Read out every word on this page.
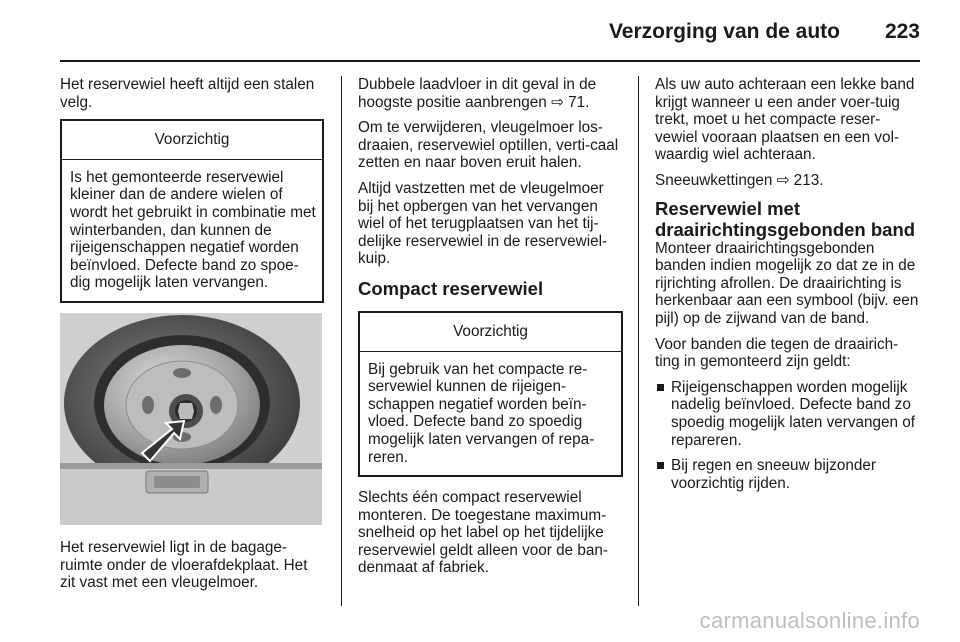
Verzorging van de auto 223

Het reservewiel heeft altijd een stalen velg.

Voorzichtig
Is het gemonteerde reservewiel kleiner dan de andere wielen of wordt het gebruikt in combinatie met winterbanden, dan kunnen de rijeigenschappen negatief worden beïnvloed. Defecte band zo spoe-dig mogelijk laten vervangen.

Het reservewiel ligt in de bagage-ruimte onder de vloerafdekplaat. Het zit vast met een vleugelmoer.

Dubbele laadvloer in dit geval in de hoogste positie aanbrengen ⇨ 71.

Om te verwijderen, vleugelmoer los-draaien, reservewiel optillen, verti-caal zetten en naar boven eruit halen.

Altijd vastzetten met de vleugelmoer bij het opbergen van het vervangen wiel of het terugplaatsen van het tij-delijke reservewiel in de reservewiel-kuip.

Compact reservewiel
Voorzichtig
Bij gebruik van het compacte re-servewiel kunnen de rijeigen-schappen negatief worden beïn-vloed. Defecte band zo spoedig mogelijk laten vervangen of repa-reren.

Slechts één compact reservewiel monteren. De toegestane maximum-snelheid op het label op het tijdelijke reservewiel geldt alleen voor de ban-denmaat af fabriek.

Als uw auto achteraan een lekke band krijgt wanneer u een ander voer-tuig trekt, moet u het compacte reser-vewiel vooraan plaatsen en een vol-waardig wiel achteraan.

Sneeuwkettingen ⇨ 213.

Reservewiel met draairichtingsgebonden band

Monteer draairichtingsgebonden banden indien mogelijk zo dat ze in de rijrichting afrollen. De draairichting is herkenbaar aan een symbool (bijv. een pijl) op de zijwand van de band.

Voor banden die tegen de draairich-ting in gemonteerd zijn geldt:

Rijeigenschappen worden mogelijk nadelig beïnvloed. Defecte band zo spoedig mogelijk laten vervangen of repareren.
Bij regen en sneeuw bijzonder voorzichtig rijden.
carmanualsonline.info
